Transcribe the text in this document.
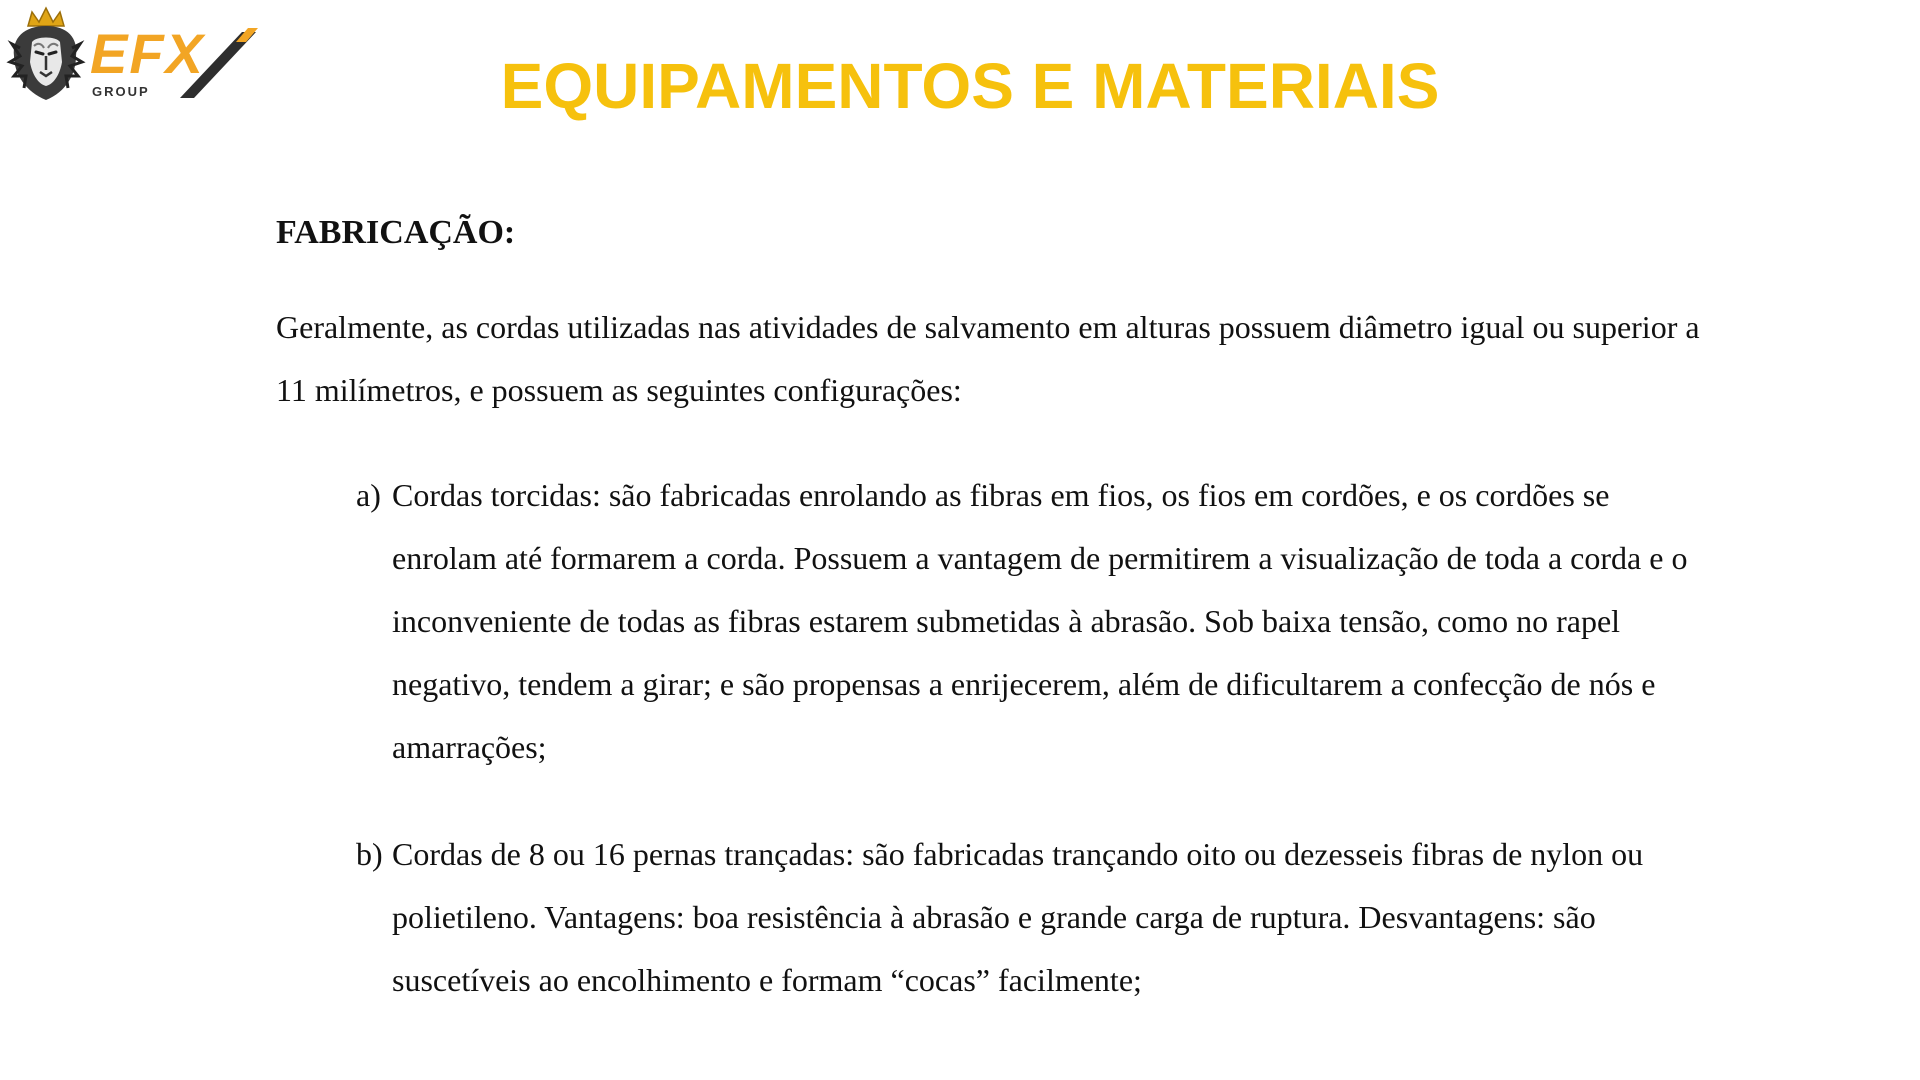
EFX
GROUP	EQUIPAMENTOS E MATERIAIS

FABRICAÇÃO:

Geralmente, as cordas utilizadas nas atividades de salvamento em alturas possuem diâmetro igual ou superior a 11 milímetros, e possuem as seguintes configurações:

a) Cordas torcidas: são fabricadas enrolando as fibras em fios, os fios em cordões, e os cordões se enrolam até formarem a corda. Possuem a vantagem de permitirem a visualização de toda a corda e o inconveniente de todas as fibras estarem submetidas à abrasão. Sob baixa tensão, como no rapel negativo, tendem a girar; e são propensas a enrijecerem, além de dificultarem a confecção de nós e amarrações;
b) Cordas de 8 ou 16 pernas trançadas: são fabricadas trançando oito ou dezesseis fibras de nylon ou polietileno. Vantagens: boa resistência à abrasão e grande carga de ruptura. Desvantagens: são suscetíveis ao encolhimento e formam “cocas” facilmente;
